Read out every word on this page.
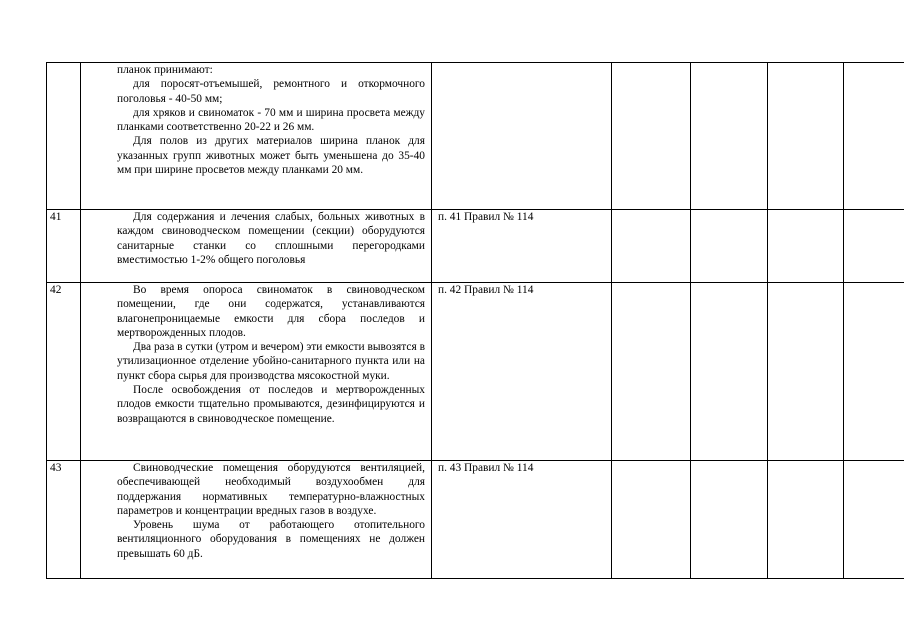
	планок принимают:

для поросят-отъемышей, ремонтного и откормочного поголовья - 40-50 мм;

для хряков и свиноматок - 70 мм и ширина просвета между планками соответственно 20-22 и 26 мм.

Для полов из других материалов ширина планок для указанных групп животных может быть уменьшена до 35-40 мм при ширине просветов между планками 20 мм.					

41	Для содержания и лечения слабых, больных животных в каждом свиноводческом помещении (секции) оборудуются санитарные станки со сплошными перегородками вместимостью 1-2% общего поголовья	п. 41 Правил № 114				
42	Во время опороса свиноматок в свиноводческом помещении, где они содержатся, устанавливаются влагонепроницаемые емкости для сбора последов и мертворожденных плодов.

Два раза в сутки (утром и вечером) эти емкости вывозятся в утилизационное отделение убойно-санитарного пункта или на пункт сбора сырья для производства мясокостной муки.

После освобождения от последов и мертворожденных плодов емкости тщательно промываются, дезинфицируются и возвращаются в свиноводческое помещение.	п. 42 Правил № 114				
43	Свиноводческие помещения оборудуются вентиляцией, обеспечивающей необходимый воздухообмен для поддержания нормативных температурно-влажностных параметров и концентрации вредных газов в воздухе.

Уровень шума от работающего отопительного вентиляционного оборудования в помещениях не должен превышать 60 дБ.	п. 43 Правил № 114				
